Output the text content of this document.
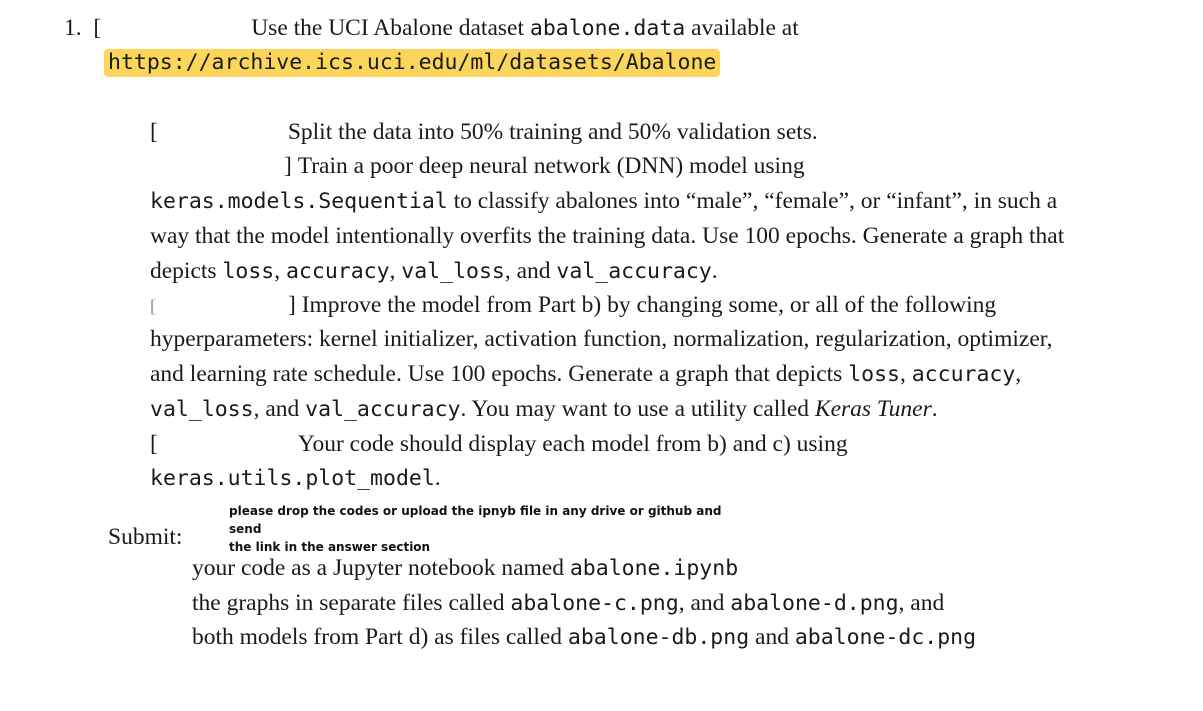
1. [	Use the UCI Abalone dataset abalone.data available at
https://archive.ics.uci.edu/ml/datasets/Abalone
[	Split the data into 50% training and 50% validation sets.
] Train a poor deep neural network (DNN) model using
keras.models.Sequential to classify abalones into “male”, “female”, or “infant”, in such a
way that the model intentionally overfits the training data. Use 100 epochs. Generate a graph that
depicts loss, accuracy, val_loss, and val_accuracy.
[	] Improve the model from Part b) by changing some, or all of the following
hyperparameters: kernel initializer, activation function, normalization, regularization, optimizer,
and learning rate schedule. Use 100 epochs. Generate a graph that depicts loss, accuracy,
val_loss, and val_accuracy. You may want to use a utility called Keras Tuner.
[	Your code should display each model from b) and c) using
keras.utils.plot_model.
please drop the codes or upload the ipnyb file in any drive or github and send
the link in the answer section
Submit:
your code as a Jupyter notebook named abalone.ipynb
the graphs in separate files called abalone-c.png, and abalone-d.png, and
both models from Part d) as files called abalone-db.png and abalone-dc.png
